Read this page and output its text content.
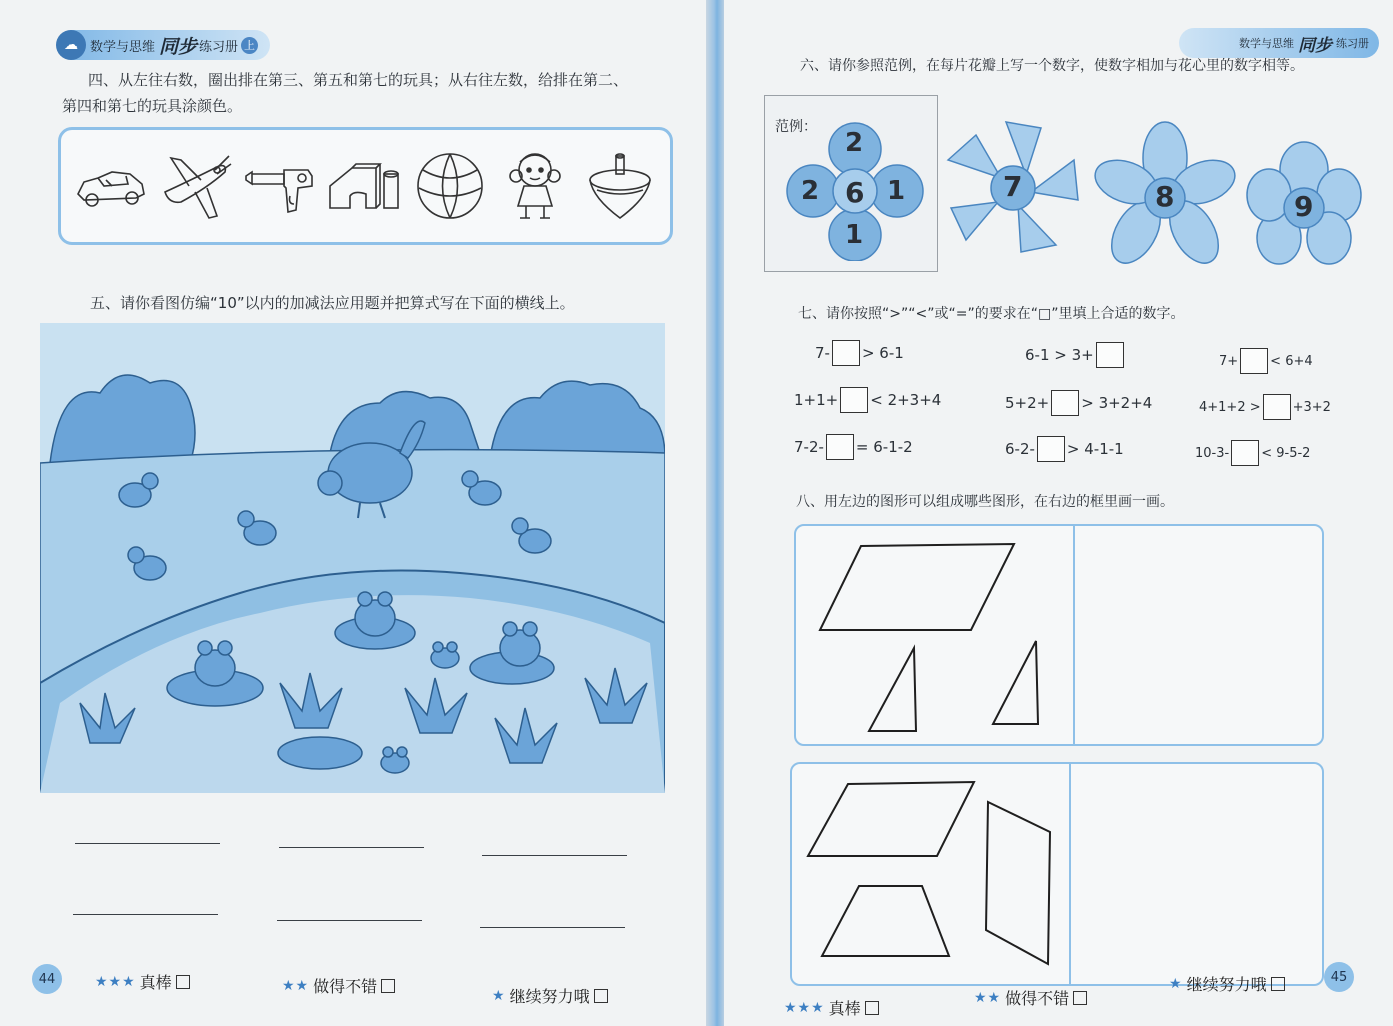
☁ 数学与思维 同步 练习册 上
四、从左往右数，圈出排在第三、第五和第七的玩具；从右往左数，给排在第二、
第四和第七的玩具涂颜色。
五、请你看图仿编“10”以内的加减法应用题并把算式写在下面的横线上。
44	★★★ 真棒	★★ 做得不错	★ 继续努力哦
数学与思维 同步 练习册
六、请你参照范例，在每片花瓣上写一个数字，使数字相加与花心里的数字相等。
范例：
6
2
2	1
1
7	8	9
七、请你按照“>”“<”或“=”的要求在“□”里填上合适的数字。
7- > 6-1	6-1 > 3+	7+ < 6+4
1+1+ < 2+3+4	5+2+ > 3+2+4	4+1+2 > +3+2
7-2- = 6-1-2	6-2- > 4-1-1	10-3- < 9-5-2
八、用左边的图形可以组成哪些图形，在右边的框里画一画。
★★★ 真棒
★★ 做得不错
★ 继续努力哦	45
